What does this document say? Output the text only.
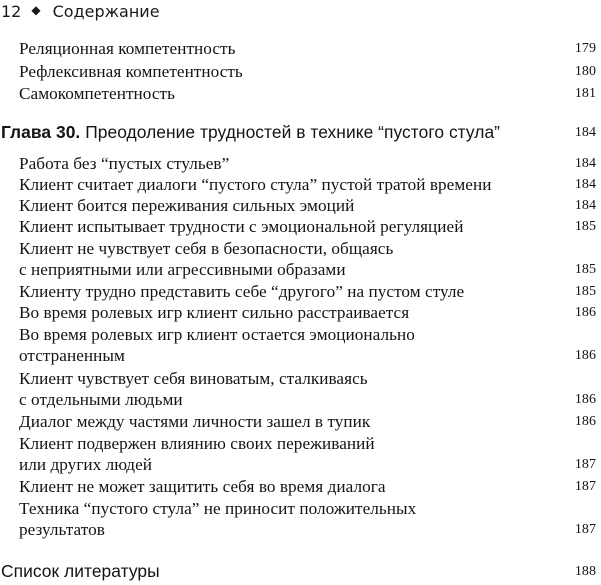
12 ◆ Содержание
Реляционная компетентность	179
Рефлексивная компетентность	180
Самокомпетентность	181
Глава 30. Преодоление трудностей в технике “пустого стула”	184
Работа без “пустых стульев”	184
Клиент считает диалоги “пустого стула” пустой тратой времени	184
Клиент боится переживания сильных эмоций	184
Клиент испытывает трудности с эмоциональной регуляцией	185
Клиент не чувствует себя в безопасности, общаясь
с неприятными или агрессивными образами	185
Клиенту трудно представить себе “другого” на пустом стуле	185
Во время ролевых игр клиент сильно расстраивается	186
Во время ролевых игр клиент остается эмоционально
отстраненным	186
Клиент чувствует себя виноватым, сталкиваясь
с отдельными людьми	186
Диалог между частями личности зашел в тупик	186
Клиент подвержен влиянию своих переживаний
или других людей	187
Клиент не может защитить себя во время диалога	187
Техника “пустого стула” не приносит положительных
результатов	187
Список литературы	188
